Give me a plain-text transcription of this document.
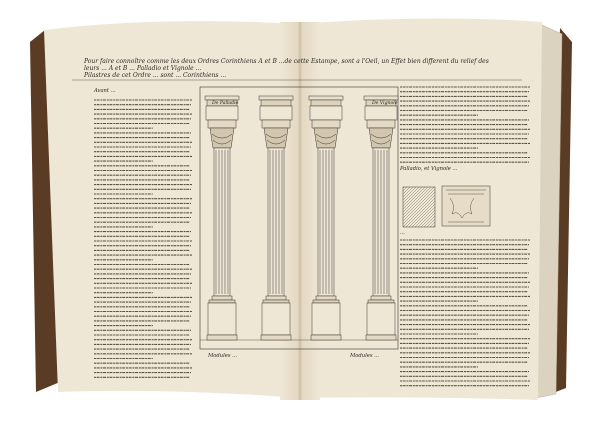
Pour faire connoître comme les deux Ordres Corinthiens A et B ...de cette Estampe, sont a l'Oeil, un Effet bien different du relief des
leurs ... A et B ... Palladio et Vignole ...
Pilastres de cet Ordre ... sont ... Corinthiens ...
De Palladio	De Vignole
Modules ...	Modules ...
Avant ...
Palladio, et Vignole ...
...
